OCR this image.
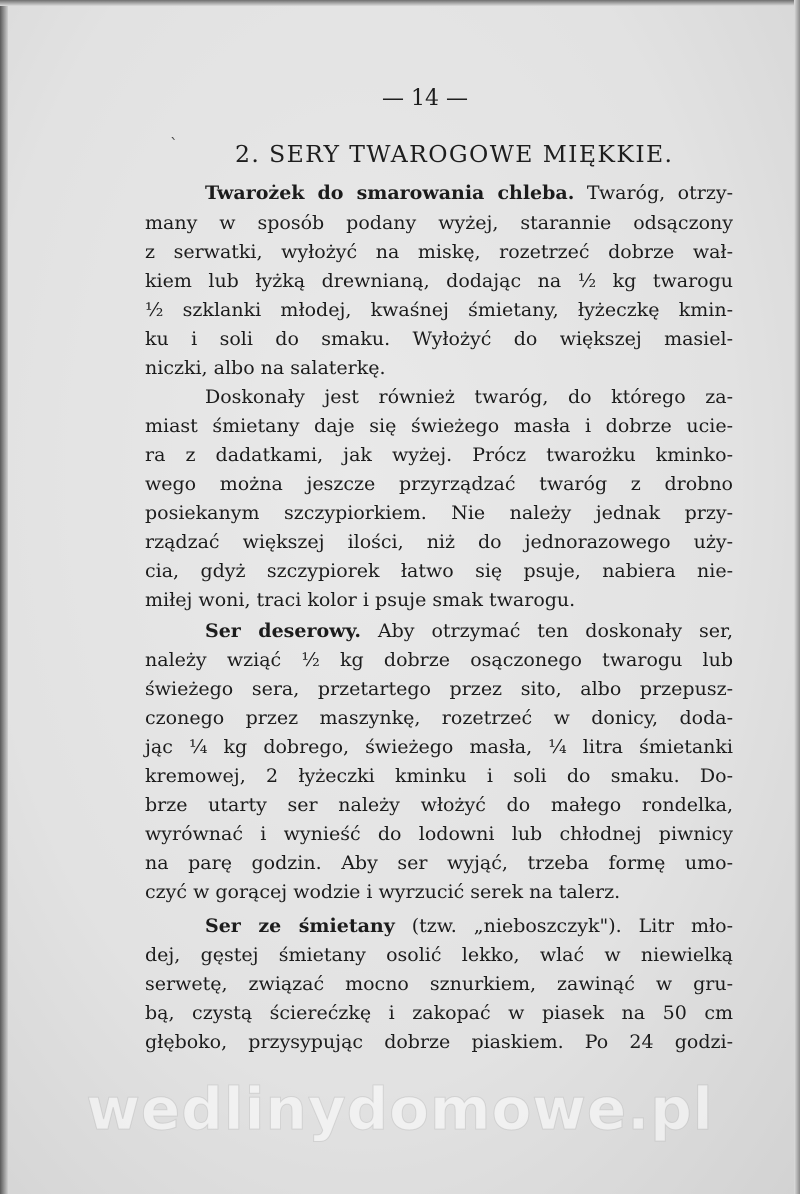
`
— 14 —
2. SERY TWAROGOWE MIĘKKIE.
Twarożek do smarowania chleba. Twaróg, otrzy-
many w sposób podany wyżej, starannie odsączony
z serwatki, wyłożyć na miskę, rozetrzeć dobrze wał-
kiem lub łyżką drewnianą, dodając na ½ kg twarogu
½ szklanki młodej, kwaśnej śmietany, łyżeczkę kmin-
ku i soli do smaku. Wyłożyć do większej masiel-
niczki, albo na salaterkę.
Doskonały jest również twaróg, do którego za-
miast śmietany daje się świeżego masła i dobrze ucie-
ra z dadatkami, jak wyżej. Prócz twarożku kminko-
wego można jeszcze przyrządzać twaróg z drobno
posiekanym szczypiorkiem. Nie należy jednak przy-
rządzać większej ilości, niż do jednorazowego uży-
cia, gdyż szczypiorek łatwo się psuje, nabiera nie-
miłej woni, traci kolor i psuje smak twarogu.
Ser deserowy. Aby otrzymać ten doskonały ser,
należy wziąć ½ kg dobrze osączonego twarogu lub
świeżego sera, przetartego przez sito, albo przepusz-
czonego przez maszynkę, rozetrzeć w donicy, doda-
jąc ¼ kg dobrego, świeżego masła, ¼ litra śmietanki
kremowej, 2 łyżeczki kminku i soli do smaku. Do-
brze utarty ser należy włożyć do małego rondelka,
wyrównać i wynieść do lodowni lub chłodnej piwnicy
na parę godzin. Aby ser wyjąć, trzeba formę umo-
czyć w gorącej wodzie i wyrzucić serek na talerz.
Ser ze śmietany (tzw. „nieboszczyk"). Litr mło-
dej, gęstej śmietany osolić lekko, wlać w niewielką
serwetę, związać mocno sznurkiem, zawinąć w gru-
bą, czystą ścierećzkę i zakopać w piasek na 50 cm
głęboko, przysypując dobrze piaskiem. Po 24 godzi-
wedlinydomowe.pl
